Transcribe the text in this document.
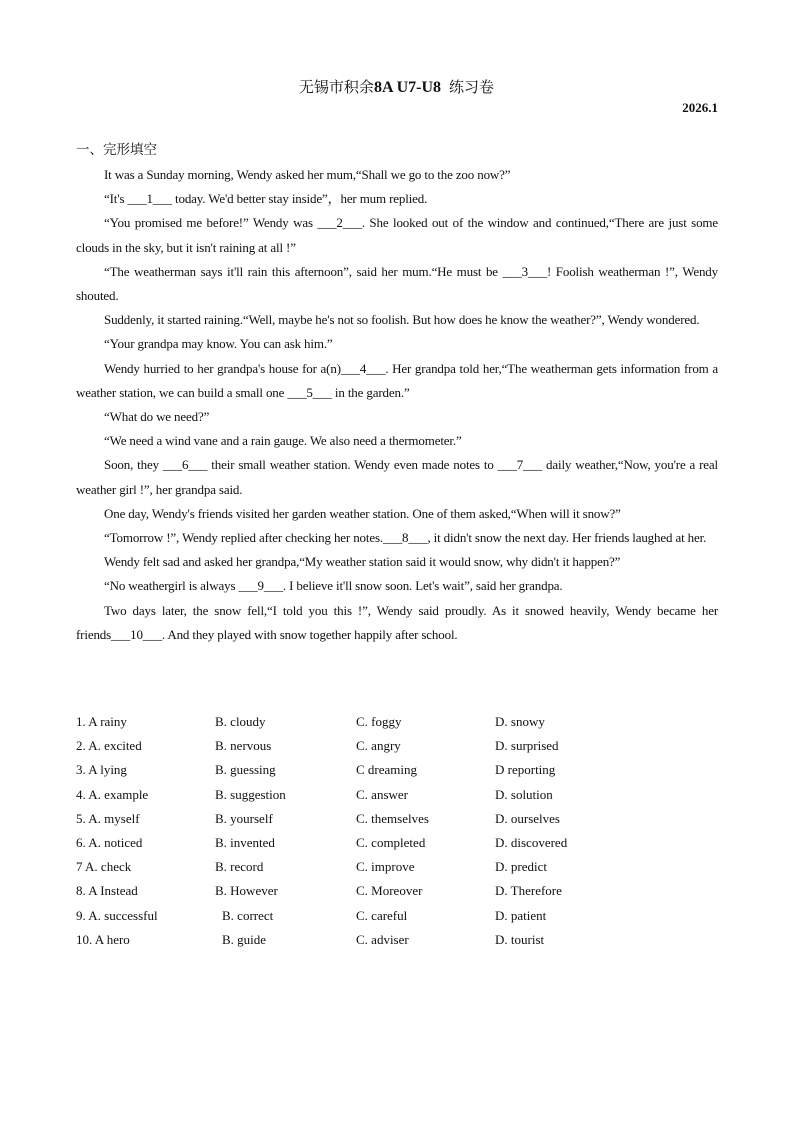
无锡市积余8A U7-U8 练习卷
2026.1
一、完形填空

It was a Sunday morning, Wendy asked her mum,“Shall we go to the zoo now?”

“It's ___1___ today. We'd better stay inside”，her mum replied.

“You promised me before!” Wendy was ___2___. She looked out of the window and continued,“There are just some clouds in the sky, but it isn't raining at all !”

“The weatherman says it'll rain this afternoon”, said her mum.“He must be ___3___! Foolish weatherman !”, Wendy shouted.

Suddenly, it started raining.“Well, maybe he's not so foolish. But how does he know the weather?”, Wendy wondered.

“Your grandpa may know. You can ask him.”

Wendy hurried to her grandpa's house for a(n)___4___. Her grandpa told her,“The weatherman gets information from a weather station, we can build a small one ___5___ in the garden.”

“What do we need?”

“We need a wind vane and a rain gauge. We also need a thermometer.”

Soon, they ___6___ their small weather station. Wendy even made notes to ___7___ daily weather,“Now, you're a real weather girl !”, her grandpa said.

One day, Wendy's friends visited her garden weather station. One of them asked,“When will it snow?”

“Tomorrow !”, Wendy replied after checking her notes.___8___, it didn't snow the next day. Her friends laughed at her.

Wendy felt sad and asked her grandpa,“My weather station said it would snow, why didn't it happen?”

“No weathergirl is always ___9___. I believe it'll snow soon. Let's wait”, said her grandpa.

Two days later, the snow fell,“I told you this !”, Wendy said proudly. As it snowed heavily, Wendy became her friends___10___. And they played with snow together happily after school.

1. A rainy	B. cloudy	C. foggy	D. snowy
2. A. excited	B. nervous	C. angry	D. surprised
3. A lying	B. guessing	C dreaming	D reporting
4. A. example	B. suggestion	C. answer	D. solution
5. A. myself	B. yourself	C. themselves	D. ourselves
6. A. noticed	B. invented	C. completed	D. discovered
7 A. check	B. record	C. improve	D. predict
8. A Instead	B. However	C. Moreover	D. Therefore
9. A. successful	B. correct	C. careful	D. patient
10. A hero	B. guide	C. adviser	D. tourist
